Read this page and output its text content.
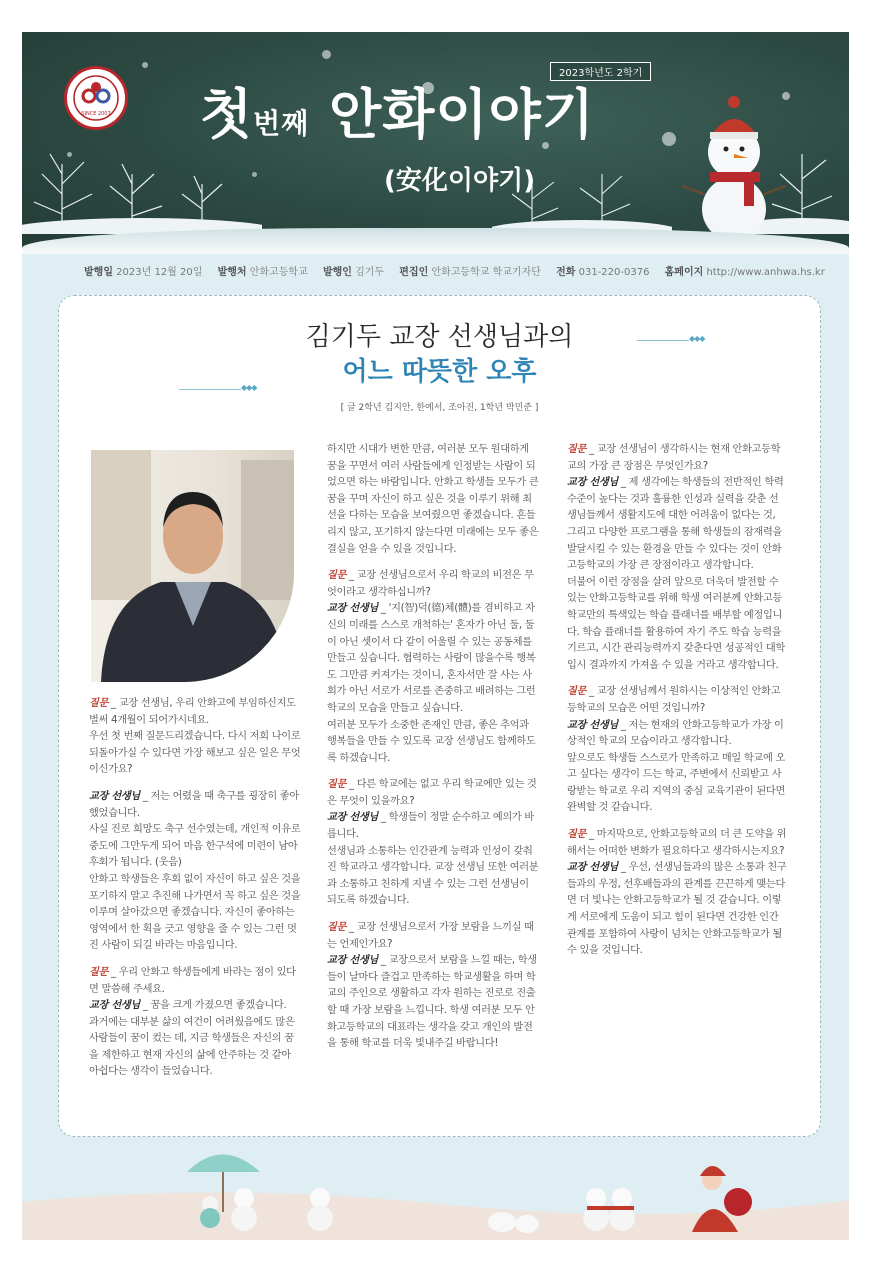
SINCE 2007
2023학년도 2학기
첫번째 안화이야기
(安化이야기)
발행일 2023년 12월 20일 발행처 안화고등학교 발행인 김기두 편집인 안화고등학교 학교기자단 전화 031-220-0376 홈페이지 http://www.anhwa.hs.kr
김기두 교장 선생님과의
어느 따뜻한 오후
◆◆◆
◆◆◆
[ 글 2학년 김지안, 한예서, 조아진, 1학년 박민준 ]

질문 _ 교장 선생님, 우리 안화고에 부임하신지도 벌써 4개월이 되어가시네요.
우선 첫 번째 질문드리겠습니다. 다시 저희 나이로 되돌아가실 수 있다면 가장 해보고 싶은 일은 무엇이신가요?

교장 선생님 _ 저는 어렸을 때 축구를 굉장히 좋아했었습니다.
사실 진로 희망도 축구 선수였는데, 개인적 이유로 중도에 그만두게 되어 마음 한구석에 미련이 남아 후회가 됩니다. (웃음)
안화고 학생들은 후회 없이 자신이 하고 싶은 것을 포기하지 말고 추진해 나가면서 꼭 하고 싶은 것을 이루며 살아갔으면 좋겠습니다. 자신이 좋아하는 영역에서 한 획을 긋고 영향을 줄 수 있는 그런 멋진 사람이 되길 바라는 마음입니다.

질문 _ 우리 안화고 학생들에게 바라는 점이 있다면 말씀해 주세요.
교장 선생님 _ 꿈을 크게 가졌으면 좋겠습니다.
과거에는 대부분 삶의 여건이 어려웠음에도 많은 사람들이 꿈이 컸는 데, 지금 학생들은 자신의 꿈을 제한하고 현재 자신의 삶에 안주하는 것 같아 아쉽다는 생각이 들었습니다.

하지만 시대가 변한 만큼, 여러분 모두 원대하게 꿈을 꾸면서 여러 사람들에게 인정받는 사람이 되었으면 하는 바람입니다. 안화고 학생들 모두가 큰 꿈을 꾸며 자신이 하고 싶은 것을 이루기 위해 최선을 다하는 모습을 보여줬으면 좋겠습니다. 흔들리지 않고, 포기하지 않는다면 미래에는 모두 좋은 결실을 얻을 수 있을 것입니다.

질문 _ 교장 선생님으로서 우리 학교의 비전은 무엇이라고 생각하십니까?
교장 선생님 _ '지(智)덕(德)체(體)를 겸비하고 자신의 미래를 스스로 개척하는' 혼자가 아닌 둘, 둘이 아닌 셋이서 다 같이 어울릴 수 있는 공동체를 만들고 싶습니다. 협력하는 사람이 많을수록 행복도 그만큼 커져가는 것이니, 혼자서만 잘 사는 사회가 아닌 서로가 서로를 존중하고 배려하는 그런 학교의 모습을 만들고 싶습니다.
여러분 모두가 소중한 존재인 만큼, 좋은 추억과 행복들을 만들 수 있도록 교장 선생님도 함께하도록 하겠습니다.

질문 _ 다른 학교에는 없고 우리 학교에만 있는 것은 무엇이 있을까요?
교장 선생님 _ 학생들이 정말 순수하고 예의가 바릅니다.
선생님과 소통하는 인간관계 능력과 인성이 갖춰진 학교라고 생각합니다. 교장 선생님 또한 여러분과 소통하고 친하게 지낼 수 있는 그런 선생님이 되도록 하겠습니다.

질문 _ 교장 선생님으로서 가장 보람을 느끼실 때는 언제인가요?
교장 선생님 _ 교장으로서 보람을 느낄 때는, 학생들이 날마다 즐겁고 만족하는 학교생활을 하며 학교의 주인으로 생활하고 각자 원하는 진로로 진출할 때 가장 보람을 느낍니다. 학생 여러분 모두 안화고등학교의 대표라는 생각을 갖고 개인의 발전을 통해 학교를 더욱 빛내주길 바랍니다!

질문 _ 교장 선생님이 생각하시는 현재 안화고등학교의 가장 큰 장점은 무엇인가요?
교장 선생님 _ 제 생각에는 학생들의 전반적인 학력 수준이 높다는 것과 훌륭한 인성과 실력을 갖춘 선생님들께서 생활지도에 대한 어려움이 없다는 것, 그리고 다양한 프로그램을 통해 학생들의 잠재력을 발달시킬 수 있는 환경을 만들 수 있다는 것이 안화고등학교의 가장 큰 장점이라고 생각합니다.
더불어 이런 장점을 살려 앞으로 더욱더 발전할 수 있는 안화고등학교를 위해 학생 여러분께 안화고등학교만의 특색있는 학습 플래너를 배부할 예정입니다. 학습 플래너를 활용하여 자기 주도 학습 능력을 기르고, 시간 관리능력까지 갖춘다면 성공적인 대학 입시 결과까지 가져올 수 있을 거라고 생각합니다.

질문 _ 교장 선생님께서 원하시는 이상적인 안화고등학교의 모습은 어떤 것입니까?
교장 선생님 _ 저는 현재의 안화고등학교가 가장 이상적인 학교의 모습이라고 생각합니다.
앞으로도 학생들 스스로가 만족하고 매일 학교에 오고 싶다는 생각이 드는 학교, 주변에서 신뢰받고 사랑받는 학교로 우리 지역의 중심 교육기관이 된다면 완벽할 것 같습니다.

질문 _ 마지막으로, 안화고등학교의 더 큰 도약을 위해서는 어떠한 변화가 필요하다고 생각하시는지요?
교장 선생님 _ 우선, 선생님들과의 많은 소통과 친구들과의 우정, 선후배들과의 관계를 끈끈하게 맺는다면 더 빛나는 안화고등학교가 될 것 같습니다. 이렇게 서로에게 도움이 되고 힘이 된다면 건강한 인간관계를 포함하여 사랑이 넘치는 안화고등학교가 될 수 있을 것입니다.
